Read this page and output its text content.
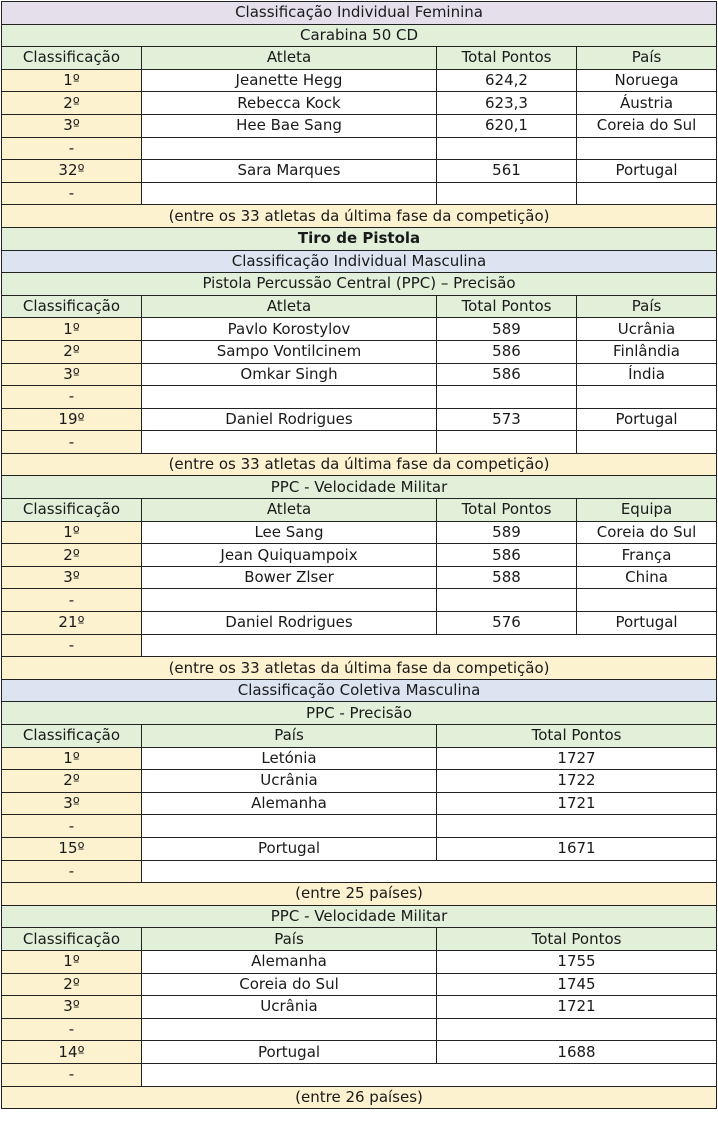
Classificação Individual Feminina			
Carabina 50 CD			
Classificação	Atleta	Total Pontos	País
1º	Jeanette Hegg	624,2	Noruega
2º	Rebecca Kock	623,3	Áustria
3º	Hee Bae Sang	620,1	Coreia do Sul
-			
32º	Sara Marques	561	Portugal
-			
(entre os 33 atletas da última fase da competição)			
Tiro de Pistola			
Classificação Individual Masculina			
Pistola Percussão Central (PPC) – Precisão			
Classificação	Atleta	Total Pontos	País
1º	Pavlo Korostylov	589	Ucrânia
2º	Sampo Vontilcinem	586	Finlândia
3º	Omkar Singh	586	Índia
-			
19º	Daniel Rodrigues	573	Portugal
-			
(entre os 33 atletas da última fase da competição)			
PPC - Velocidade Militar			
Classificação	Atleta	Total Pontos	Equipa
1º	Lee Sang	589	Coreia do Sul
2º	Jean Quiquampoix	586	França
3º	Bower Zlser	588	China
-			
21º	Daniel Rodrigues	576	Portugal
-			
(entre os 33 atletas da última fase da competição)			
Classificação Coletiva Masculina			
PPC - Precisão			
Classificação	País	Total Pontos	
1º	Letónia	1727	
2º	Ucrânia	1722	
3º	Alemanha	1721	
-			
15º	Portugal	1671	
-			
(entre 25 países)			
PPC - Velocidade Militar			
Classificação	País	Total Pontos	
1º	Alemanha	1755	
2º	Coreia do Sul	1745	
3º	Ucrânia	1721	
-			
14º	Portugal	1688	
-			
(entre 26 países)			
